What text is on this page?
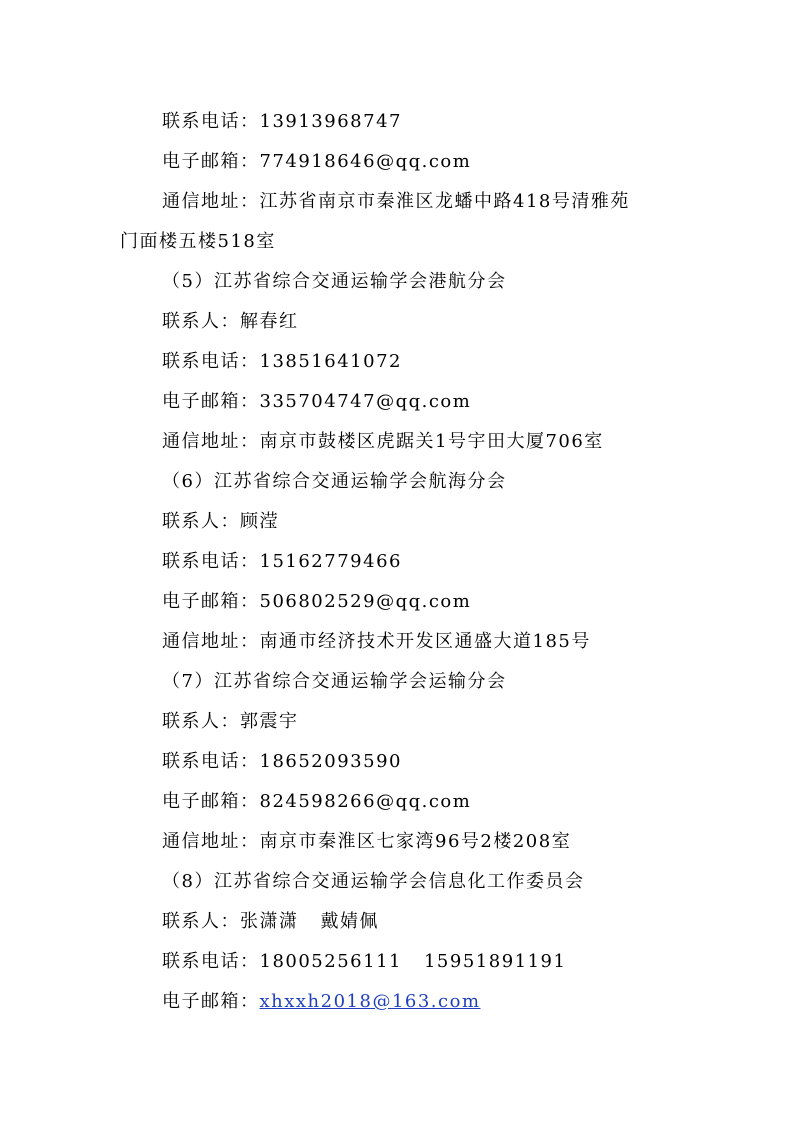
联系电话：13913968747
电子邮箱：774918646@qq.com
通信地址：江苏省南京市秦淮区龙蟠中路418号清雅苑
门面楼五楼518室
（5）江苏省综合交通运输学会港航分会
联系人：解春红
联系电话：13851641072
电子邮箱：335704747@qq.com
通信地址：南京市鼓楼区虎踞关1号宇田大厦706室
（6）江苏省综合交通运输学会航海分会
联系人：顾滢
联系电话：15162779466
电子邮箱：506802529@qq.com
通信地址：南通市经济技术开发区通盛大道185号
（7）江苏省综合交通运输学会运输分会
联系人：郭震宇
联系电话：18652093590
电子邮箱：824598266@qq.com
通信地址：南京市秦淮区七家湾96号2楼208室
（8）江苏省综合交通运输学会信息化工作委员会
联系人：张潇潇 戴婧佩
联系电话：18005256111 15951891191
电子邮箱：xhxxh2018@163.com
